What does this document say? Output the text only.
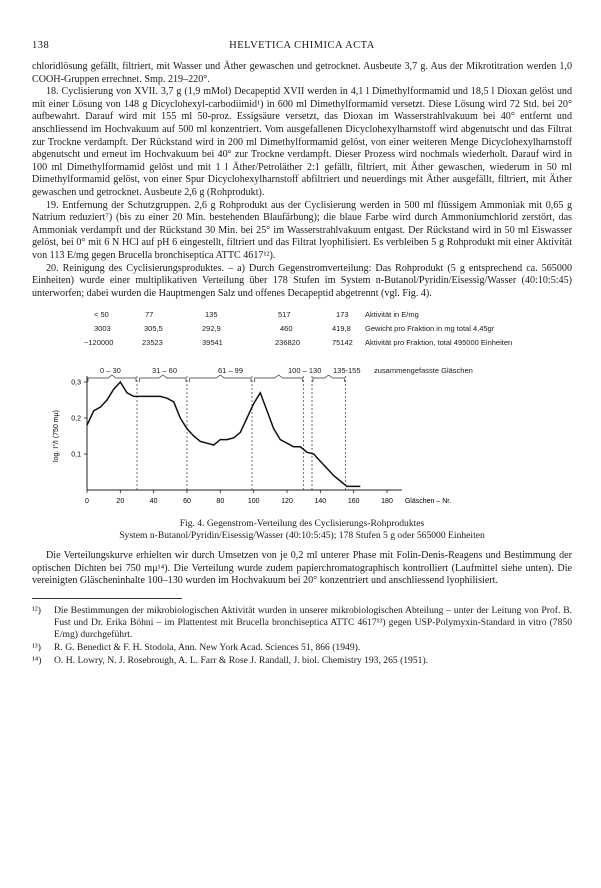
138	HELVETICA CHIMICA ACTA

chloridlösung gefällt, filtriert, mit Wasser und Äther gewaschen und getrocknet. Ausbeute 3,7 g. Aus der Mikrotitration werden 1,0 COOH-Gruppen errechnet. Smp. 219–220°.

18. Cyclisierung von XVII. 3,7 g (1,9 mMol) Decapeptid XVII werden in 4,1 l Dimethylformamid und 18,5 l Dioxan gelöst und mit einer Lösung von 148 g Dicyclohexyl-carbodiimid¹) in 600 ml Dimethylformamid versetzt. Diese Lösung wird 72 Std. bei 20° aufbewahrt. Darauf wird mit 155 ml 50-proz. Essigsäure versetzt, das Dioxan im Wasserstrahlvakuum bei 40° entfernt und anschliessend im Hochvakuum auf 500 ml konzentriert. Vom ausgefallenen Dicyclohexylharnstoff wird abgenutscht und das Filtrat zur Trockne verdampft. Der Rückstand wird in 200 ml Dimethylformamid gelöst, von einer weiteren Menge Dicyclohexylharnstoff abgenutscht und erneut im Hochvakuum bei 40° zur Trockne verdampft. Dieser Prozess wird nochmals wiederholt. Darauf wird in 100 ml Dimethylformamid gelöst und mit 1 l Äther/Petroläther 2:1 gefällt, filtriert, mit Äther gewaschen, wiederum in 50 ml Dimethylformamid gelöst, von einer Spur Dicyclohexylharnstoff abfiltriert und neuerdings mit Äther ausgefällt, filtriert, mit Äther gewaschen und getrocknet. Ausbeute 2,6 g (Rohprodukt).

19. Entfernung der Schutzgruppen. 2,6 g Rohprodukt aus der Cyclisierung werden in 500 ml flüssigem Ammoniak mit 0,65 g Natrium reduziert⁷) (bis zu einer 20 Min. bestehenden Blaufärbung); die blaue Farbe wird durch Ammoniumchlorid zerstört, das Ammoniak verdampft und der Rückstand 30 Min. bei 25° im Wasserstrahlvakuum entgast. Der Rückstand wird in 50 ml Eiswasser gelöst, bei 0° mit 6 N HCl auf pH 6 eingestellt, filtriert und das Filtrat lyophilisiert. Es verbleiben 5 g Rohprodukt mit einer Aktivität von 113 E/mg gegen Brucella bronchiseptica ATTC 4617¹²).

20. Reinigung des Cyclisierungsproduktes. – a) Durch Gegenstromverteilung: Das Rohprodukt (5 g entsprechend ca. 565000 Einheiten) wurde einer multiplikativen Verteilung über 178 Stufen im System n-Butanol/Pyridin/Eisessig/Wasser (40:10:5:45) unterworfen; dabei wurden die Hauptmengen Salz und offenes Decapeptid abgetrennt (vgl. Fig. 4).

< 50	77	135	517	173 Aktivität in E/mg
3003	305,5	292,9	460	419,8 Gewicht pro Fraktion in mg total 4,45gr
~120000	23523	39541	236820	75142 Aktivität pro Fraktion, total 495000 Einheiten
0 – 30	31 – 60	61 – 99	100 – 130 135-155 zusammengefasste Gläschen
0	20	40	60	80	100	120	140	160	180
0,1
0,2
0,3
Gläschen – Nr.
log. I°/I (750 mμ)
Fig. 4. Gegenstrom-Verteilung des Cyclisierungs-Rohproduktes
System n-Butanol/Pyridin/Eisessig/Wasser (40:10:5:45); 178 Stufen 5 g oder 565000 Einheiten

Die Verteilungskurve erhielten wir durch Umsetzen von je 0,2 ml unterer Phase mit Folin-Denis-Reagens und Bestimmung der optischen Dichten bei 750 mμ¹⁴). Die Verteilung wurde zudem papierchromatographisch kontrolliert (Laufmittel siehe unten). Die vereinigten Gläscheninhalte 100–130 wurden im Hochvakuum bei 20° konzentriert und anschliessend lyophilisiert.

¹²) Die Bestimmungen der mikrobiologischen Aktivität wurden in unserer mikrobiologischen Abteilung – unter der Leitung von Prof. B. Fust und Dr. Erika Böhni – im Plattentest mit Brucella bronchiseptica ATTC 4617¹³) gegen USP-Polymyxin-Standard in vitro (7850 E/mg) durchgeführt.
¹³) R. G. Benedict & F. H. Stodola, Ann. New York Acad. Sciences 51, 866 (1949).
¹⁴) O. H. Lowry, N. J. Rosebrough, A. L. Farr & Rose J. Randall, J. biol. Chemistry 193, 265 (1951).
